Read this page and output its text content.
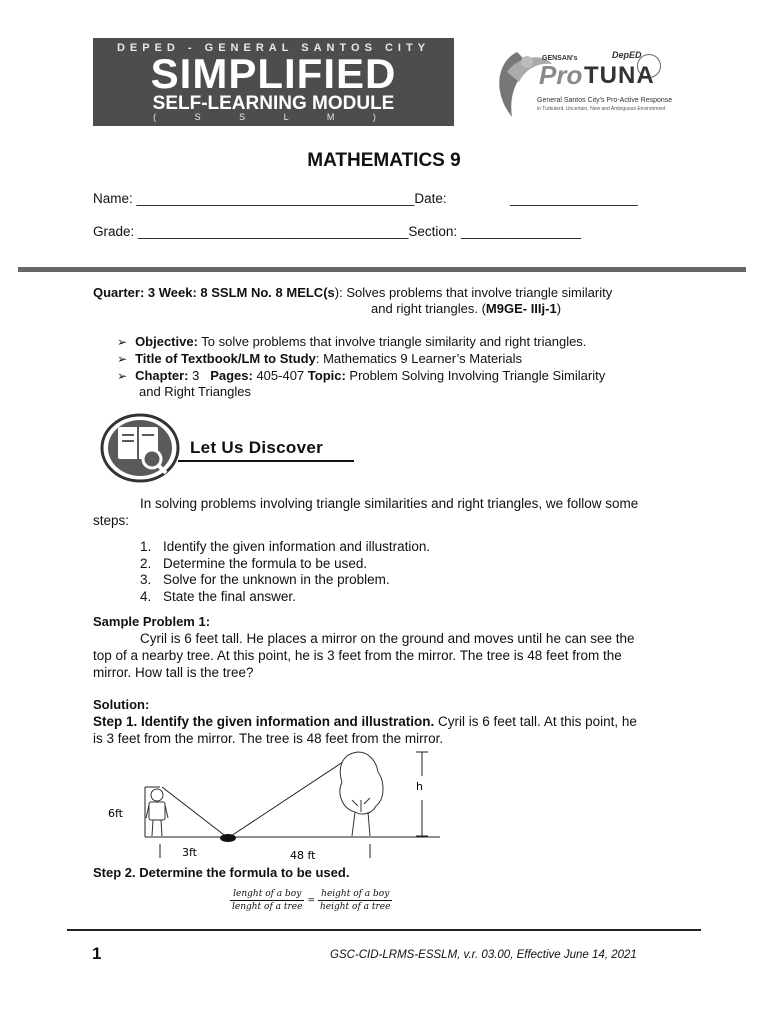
DEPED - GENERAL SANTOS CITY
SIMPLIFIED
SELF-LEARNING MODULE
( S S L M )
GENSAN's	DepED
Pro TUNA
General Santos City's Pro-Active Response
in Turbulent, Uncertain, New and Ambiguous Environment
MATHEMATICS 9
Name: _____________________________________Date:	_________________
Grade: ____________________________________Section: ________________
Quarter: 3 Week: 8 SSLM No. 8 MELC(s): Solves problems that involve triangle similarity
and right triangles. (M9GE- IIIj-1)
➢ Objective: To solve problems that involve triangle similarity and right triangles.
➢ Title of Textbook/LM to Study: Mathematics 9 Learner’s Materials
➢ Chapter: 3   Pages: 405-407 Topic: Problem Solving Involving Triangle Similarity
and Right Triangles
Let Us Discover
In solving problems involving triangle similarities and right triangles, we follow some
steps:
1. Identify the given information and illustration.
2. Determine the formula to be used.
3. Solve for the unknown in the problem.
4. State the final answer.
Sample Problem 1:
Cyril is 6 feet tall. He places a mirror on the ground and moves until he can see the
top of a nearby tree. At this point, he is 3 feet from the mirror. The tree is 48 feet from the
mirror. How tall is the tree?
Solution:
Step 1. Identify the given information and illustration. Cyril is 6 feet tall. At this point, he
is 3 feet from the mirror. The tree is 48 feet from the mirror.
6ft
h
3ft	48 ft
Step 2. Determine the formula to be used.
$\frac{\text{lenght of a boy}}{\text{lenght of a tree}} = \frac{\text{height of a boy}}{\text{height of a tree}}$
1	GSC-CID-LRMS-ESSLM, v.r. 03.00, Effective June 14, 2021
